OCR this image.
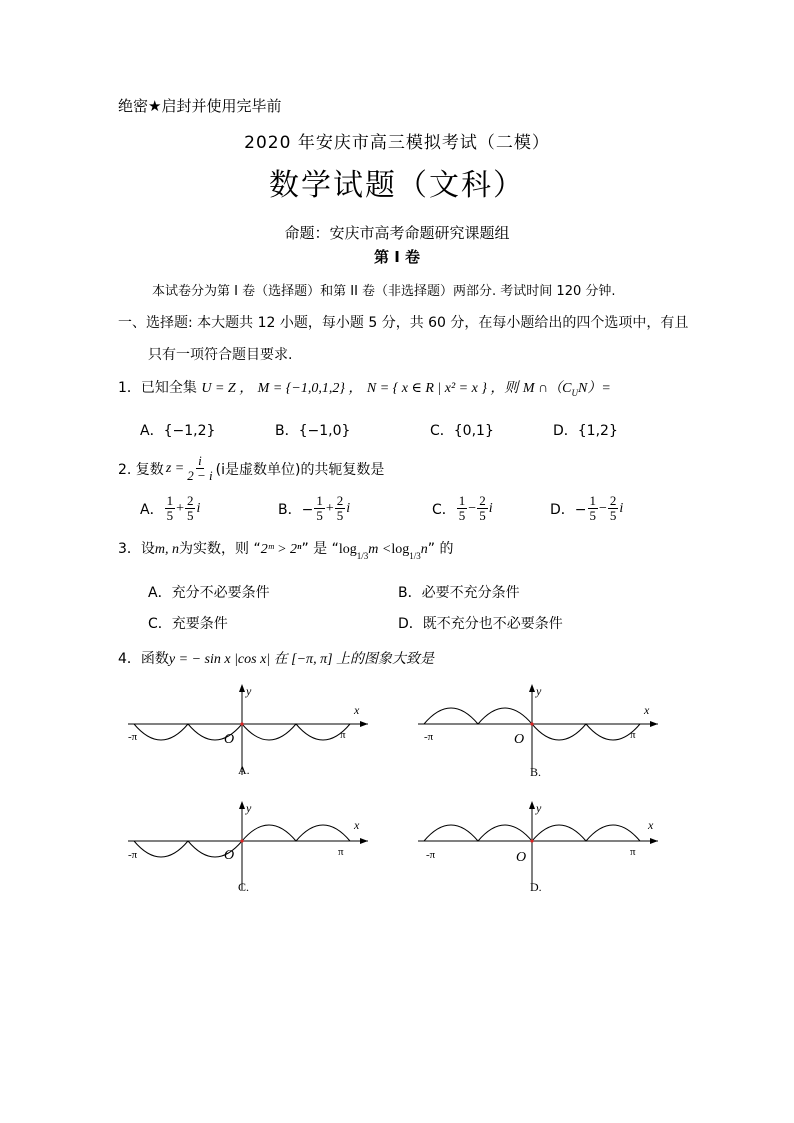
绝密★启封并使用完毕前
2020 年安庆市高三模拟考试（二模）
数学试题（文科）
命题：安庆市高考命题研究课题组
第 I 卷
本试卷分为第 I 卷（选择题）和第 II 卷（非选择题）两部分. 考试时间 120 分钟.
一、选择题: 本大题共 12 小题，每小题 5 分，共 60 分，在每小题给出的四个选项中，有且
只有一项符合题目要求.
1．已知全集 U = Z ， M = {−1,0,1,2} ， N = { x ∈ R | x² = x } ，则 M $\cap(C_UN)=$
A．{−1,2}	B．{−1,0}	C．{0,1}	D．{1,2}
2. 复数 $z = \frac{i}{2 - i} (i$是虚数单位) 的共轭复数是
A． $\frac{1}{5} + \frac{2}{5}$ i	B．− $\frac{1}{5} + \frac{2}{5}$ i	C． $\frac{1}{5} - \frac{2}{5}$ i	D．− $\frac{1}{5} - \frac{2}{5}$ i
3．设m, n为实数，则 “2ᵐ > 2ⁿ” 是 “$\log_{1/3}m <\log_{1/3}n$” 的
A．充分不必要条件	B．必要不充分条件
C．充要条件	D．既不充分也不必要条件
4．函数y = − sin x |cos x| 在 [−π, π] 上的图象大致是
y
x
O
-π	π
A.
y
x
O
-π	π
B.
y
x
O
-π	π
C.
y
x
O
-π	π
D.
